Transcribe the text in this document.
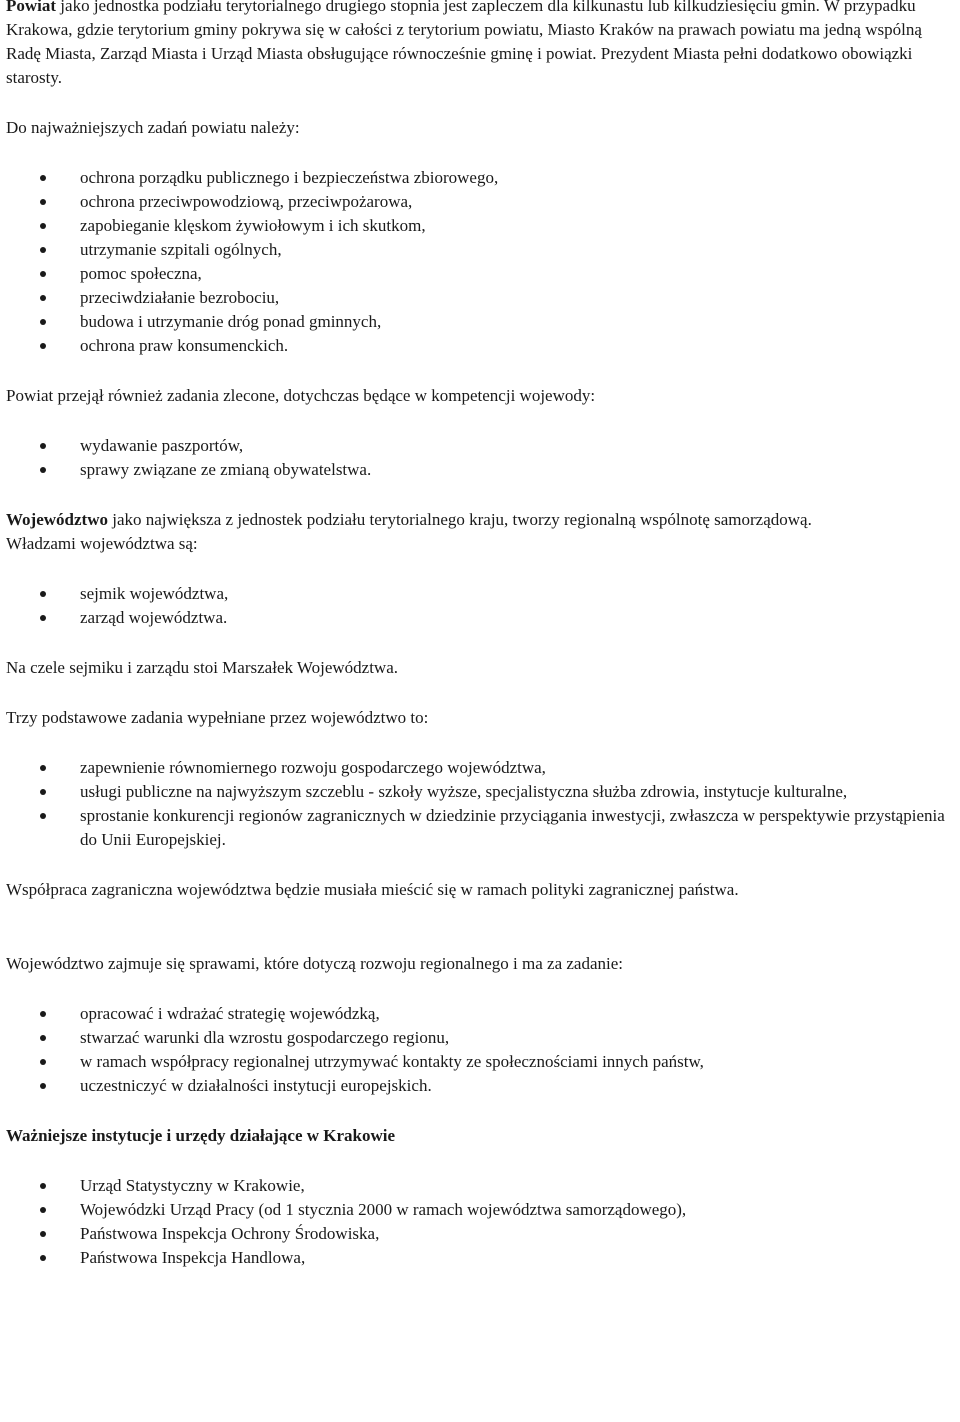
Powiat jako jednostka podziału terytorialnego drugiego stopnia jest zapleczem dla kilkunastu lub kilkudziesięciu gmin. W przypadku Krakowa, gdzie terytorium gminy pokrywa się w całości z terytorium powiatu, Miasto Kraków na prawach powiatu ma jedną wspólną Radę Miasta, Zarząd Miasta i Urząd Miasta obsługujące równocześnie gminę i powiat. Prezydent Miasta pełni dodatkowo obowiązki starosty.

Do najważniejszych zadań powiatu należy:

ochrona porządku publicznego i bezpieczeństwa zbiorowego,
ochrona przeciwpowodziową, przeciwpożarowa,
zapobieganie klęskom żywiołowym i ich skutkom,
utrzymanie szpitali ogólnych,
pomoc społeczna,
przeciwdziałanie bezrobociu,
budowa i utrzymanie dróg ponad gminnych,
ochrona praw konsumenckich.

Powiat przejął również zadania zlecone, dotychczas będące w kompetencji wojewody:

wydawanie paszportów,
sprawy związane ze zmianą obywatelstwa.

Województwo jako największa z jednostek podziału terytorialnego kraju, tworzy regionalną wspólnotę samorządową.

Władzami województwa są:

sejmik województwa,
zarząd województwa.

Na czele sejmiku i zarządu stoi Marszałek Województwa.

Trzy podstawowe zadania wypełniane przez województwo to:

zapewnienie równomiernego rozwoju gospodarczego województwa,
usługi publiczne na najwyższym szczeblu - szkoły wyższe, specjalistyczna służba zdrowia, instytucje kulturalne,
sprostanie konkurencji regionów zagranicznych w dziedzinie przyciągania inwestycji, zwłaszcza w perspektywie przystąpienia do Unii Europejskiej.

Współpraca zagraniczna województwa będzie musiała mieścić się w ramach polityki zagranicznej państwa.

Województwo zajmuje się sprawami, które dotyczą rozwoju regionalnego i ma za zadanie:

opracować i wdrażać strategię wojewódzką,
stwarzać warunki dla wzrostu gospodarczego regionu,
w ramach współpracy regionalnej utrzymywać kontakty ze społecznościami innych państw,
uczestniczyć w działalności instytucji europejskich.

Ważniejsze instytucje i urzędy działające w Krakowie

Urząd Statystyczny w Krakowie,
Wojewódzki Urząd Pracy (od 1 stycznia 2000 w ramach województwa samorządowego),
Państwowa Inspekcja Ochrony Środowiska,
Państwowa Inspekcja Handlowa,
